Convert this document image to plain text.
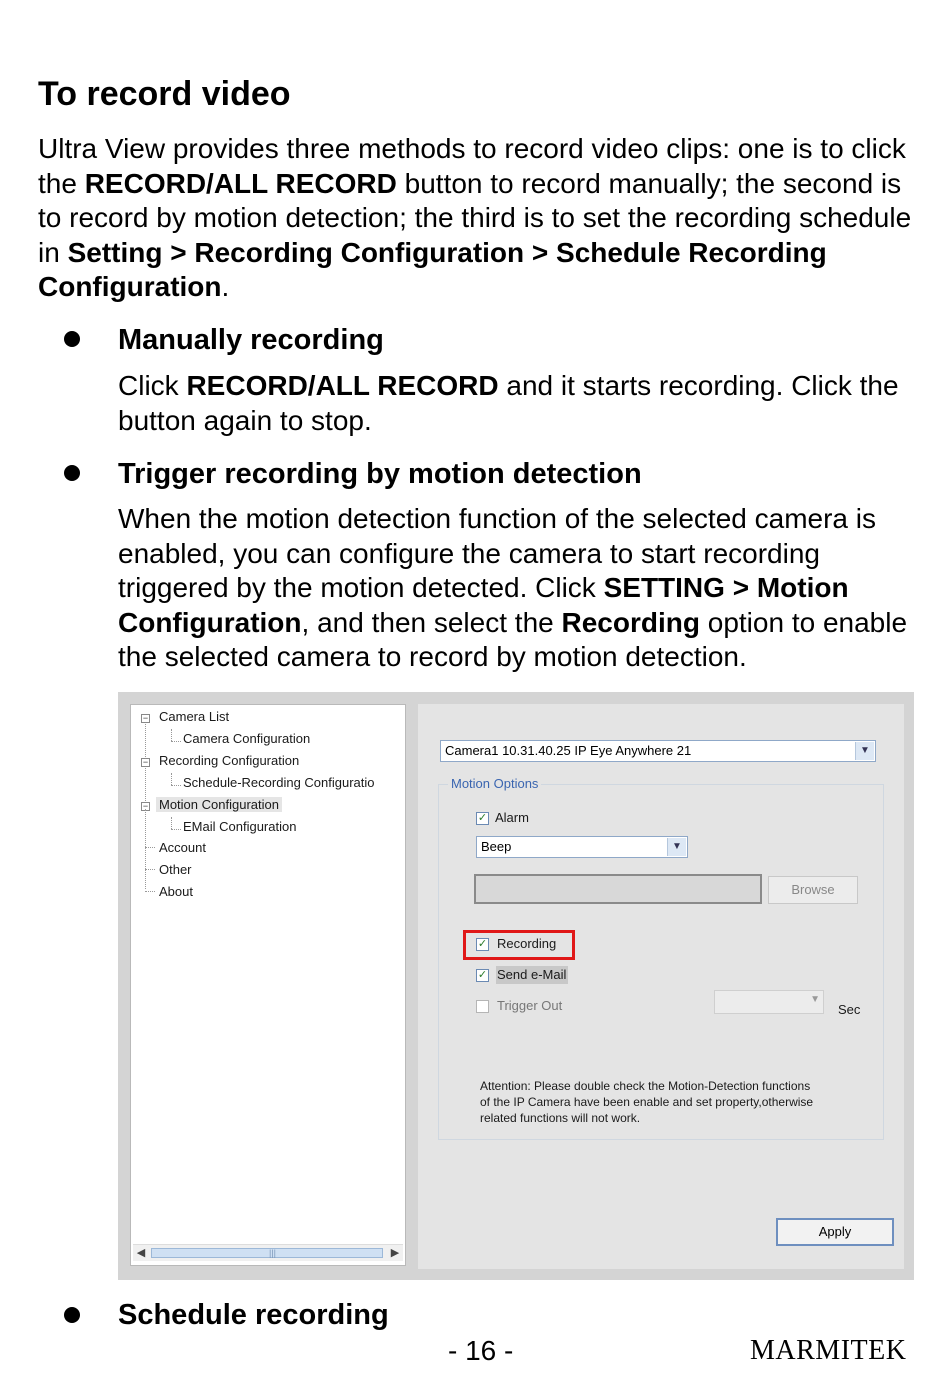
To record video

Ultra View provides three methods to record video clips: one is to click the RECORD/ALL RECORD button to record manually; the second is to record by motion detection; the third is to set the recording schedule in Setting > Recording Configuration > Schedule Recording Configuration.

Manually recording

Click RECORD/ALL RECORD and it starts recording. Click the button again to stop.

Trigger recording by motion detection

When the motion detection function of the selected camera is enabled, you can configure the camera to start recording triggered by the motion detected. Click SETTING > Motion Configuration, and then select the Recording option to enable the selected camera to record by motion detection.

− Camera List
Camera Configuration
− Recording Configuration
Schedule-Recording Configuratio
− Motion Configuration
EMail Configuration
Account
Other
About
◀	|||	▶
Camera1 10.31.40.25 IP Eye Anywhere 21	▼
Motion Options
✓ Alarm
Beep	▼
Browse
✓ Recording
✓ Send e-Mail
Trigger Out	▼
Sec

Attention: Please double check the Motion-Detection functions of the IP Camera have been enable and set property,otherwise related functions will not work.

Apply
Schedule recording
- 16 -	MARMITEK
